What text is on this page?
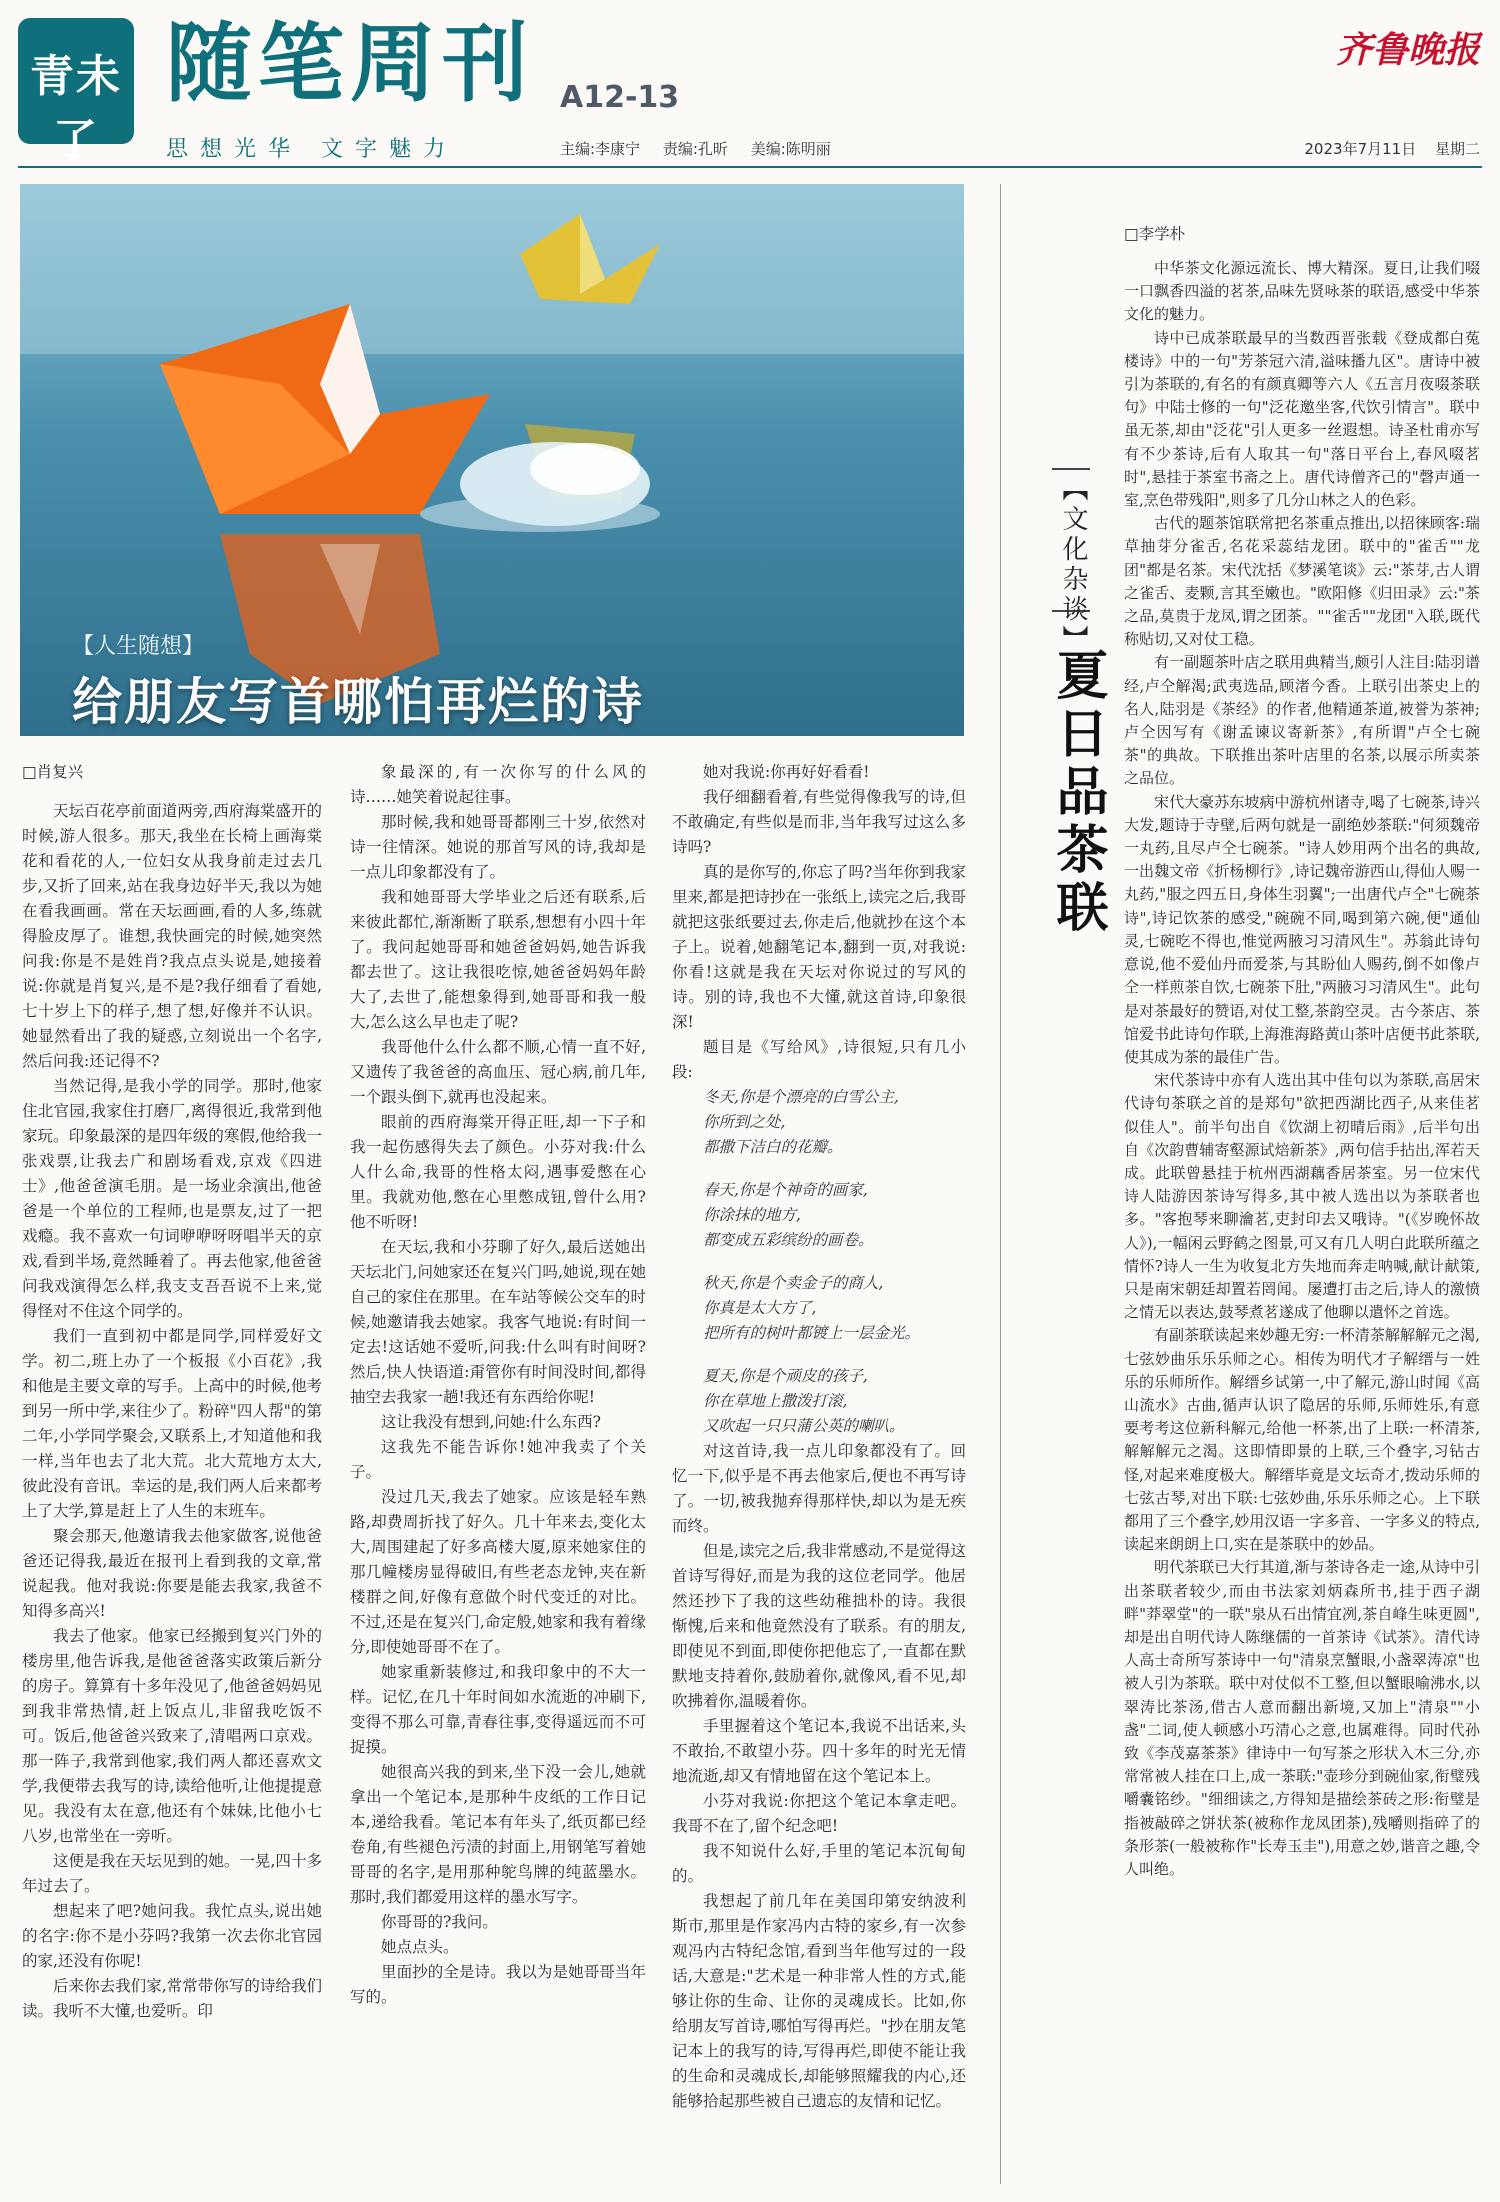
青未了
随笔周刊 A12-13
思想光华 文字魅力	主编:李康宁 责编:孔昕 美编:陈明丽
齐鲁晚报
2023年7月11日 星期二
【人生随想】
给朋友写首哪怕再烂的诗

□肖复兴

天坛百花亭前面道两旁,西府海棠盛开的时候,游人很多。那天,我坐在长椅上画海棠花和看花的人,一位妇女从我身前走过去几步,又折了回来,站在我身边好半天,我以为她在看我画画。常在天坛画画,看的人多,练就得脸皮厚了。谁想,我快画完的时候,她突然问我:你是不是姓肖?我点点头说是,她接着说:你就是肖复兴,是不是?我仔细看了看她,七十岁上下的样子,想了想,好像并不认识。她显然看出了我的疑惑,立刻说出一个名字,然后问我:还记得不?

当然记得,是我小学的同学。那时,他家住北官园,我家住打磨厂,离得很近,我常到他家玩。印象最深的是四年级的寒假,他给我一张戏票,让我去广和剧场看戏,京戏《四进士》,他爸爸演毛朋。是一场业余演出,他爸爸是一个单位的工程师,也是票友,过了一把戏瘾。我不喜欢一句词咿咿呀呀唱半天的京戏,看到半场,竟然睡着了。再去他家,他爸爸问我戏演得怎么样,我支支吾吾说不上来,觉得怪对不住这个同学的。

我们一直到初中都是同学,同样爱好文学。初二,班上办了一个板报《小百花》,我和他是主要文章的写手。上高中的时候,他考到另一所中学,来往少了。粉碎"四人帮"的第二年,小学同学聚会,又联系上,才知道他和我一样,当年也去了北大荒。北大荒地方太大,彼此没有音讯。幸运的是,我们两人后来都考上了大学,算是赶上了人生的末班车。

聚会那天,他邀请我去他家做客,说他爸爸还记得我,最近在报刊上看到我的文章,常说起我。他对我说:你要是能去我家,我爸不知得多高兴!

我去了他家。他家已经搬到复兴门外的楼房里,他告诉我,是他爸爸落实政策后新分的房子。算算有十多年没见了,他爸爸妈妈见到我非常热情,赶上饭点儿,非留我吃饭不可。饭后,他爸爸兴致来了,清唱两口京戏。那一阵子,我常到他家,我们两人都还喜欢文学,我便带去我写的诗,读给他听,让他提提意见。我没有太在意,他还有个妹妹,比他小七八岁,也常坐在一旁听。

这便是我在天坛见到的她。一晃,四十多年过去了。

想起来了吧?她问我。我忙点头,说出她的名字:你不是小芬吗?我第一次去你北官园的家,还没有你呢!

后来你去我们家,常常带你写的诗给我们读。我听不大懂,也爱听。印

象最深的,有一次你写的什么风的诗……她笑着说起往事。

那时候,我和她哥哥都刚三十岁,依然对诗一往情深。她说的那首写风的诗,我却是一点儿印象都没有了。

我和她哥哥大学毕业之后还有联系,后来彼此都忙,渐渐断了联系,想想有小四十年了。我问起她哥哥和她爸爸妈妈,她告诉我都去世了。这让我很吃惊,她爸爸妈妈年龄大了,去世了,能想象得到,她哥哥和我一般大,怎么这么早也走了呢?

我哥他什么什么都不顺,心情一直不好,又遗传了我爸爸的高血压、冠心病,前几年,一个跟头倒下,就再也没起来。

眼前的西府海棠开得正旺,却一下子和我一起伤感得失去了颜色。小芬对我:什么人什么命,我哥的性格太闷,遇事爱憋在心里。我就劝他,憋在心里憋成钮,曾什么用?他不听呀!

在天坛,我和小芬聊了好久,最后送她出天坛北门,问她家还在复兴门吗,她说,现在她自己的家住在那里。在车站等候公交车的时候,她邀请我去她家。我客气地说:有时间一定去!这话她不爱听,问我:什么叫有时间呀?然后,快人快语道:甭管你有时间没时间,都得抽空去我家一趟!我还有东西给你呢!

这让我没有想到,问她:什么东西?

这我先不能告诉你!她冲我卖了个关子。

没过几天,我去了她家。应该是轻车熟路,却费周折找了好久。几十年来去,变化太大,周围建起了好多高楼大厦,原来她家住的那几幢楼房显得破旧,有些老态龙钟,夹在新楼群之间,好像有意做个时代变迁的对比。不过,还是在复兴门,命定般,她家和我有着缘分,即使她哥哥不在了。

她家重新装修过,和我印象中的不大一样。记忆,在几十年时间如水流逝的冲刷下,变得不那么可靠,青春往事,变得遥远而不可捉摸。

她很高兴我的到来,坐下没一会儿,她就拿出一个笔记本,是那种牛皮纸的工作日记本,递给我看。笔记本有年头了,纸页都已经卷角,有些褪色污渍的封面上,用钢笔写着她哥哥的名字,是用那种鸵鸟牌的纯蓝墨水。那时,我们都爱用这样的墨水写字。

你哥哥的?我问。

她点点头。

里面抄的全是诗。我以为是她哥哥当年写的。

她对我说:你再好好看看!

我仔细翻看着,有些觉得像我写的诗,但不敢确定,有些似是而非,当年我写过这么多诗吗?

真的是你写的,你忘了吗?当年你到我家里来,都是把诗抄在一张纸上,读完之后,我哥就把这张纸要过去,你走后,他就抄在这个本子上。说着,她翻笔记本,翻到一页,对我说:你看!这就是我在天坛对你说过的写风的诗。别的诗,我也不大懂,就这首诗,印象很深!

题目是《写给风》,诗很短,只有几小段:

冬天,你是个漂亮的白雪公主,

你所到之处,

都撒下洁白的花瓣。

春天,你是个神奇的画家,

你涂抹的地方,

都变成五彩缤纷的画卷。

秋天,你是个卖金子的商人,

你真是太大方了,

把所有的树叶都镀上一层金光。

夏天,你是个顽皮的孩子,

你在草地上撒泼打滚,

又吹起一只只蒲公英的喇叭。

对这首诗,我一点儿印象都没有了。回忆一下,似乎是不再去他家后,便也不再写诗了。一切,被我抛弃得那样快,却以为是无疾而终。

但是,读完之后,我非常感动,不是觉得这首诗写得好,而是为我的这位老同学。他居然还抄下了我的这些幼稚拙朴的诗。我很惭愧,后来和他竟然没有了联系。有的朋友,即使见不到面,即使你把他忘了,一直都在默默地支持着你,鼓励着你,就像风,看不见,却吹拂着你,温暖着你。

手里握着这个笔记本,我说不出话来,头不敢抬,不敢望小芬。四十多年的时光无情地流逝,却又有情地留在这个笔记本上。

小芬对我说:你把这个笔记本拿走吧。我哥不在了,留个纪念吧!

我不知说什么好,手里的笔记本沉甸甸的。

我想起了前几年在美国印第安纳波利斯市,那里是作家冯内古特的家乡,有一次参观冯内古特纪念馆,看到当年他写过的一段话,大意是:"艺术是一种非常人性的方式,能够让你的生命、让你的灵魂成长。比如,你给朋友写首诗,哪怕写得再烂。"抄在朋友笔记本上的我写的诗,写得再烂,即使不能让我的生命和灵魂成长,却能够照耀我的内心,还能够拾起那些被自己遗忘的友情和记忆。

【文化杂谈】
夏日品茶联

□李学朴

中华茶文化源远流长、博大精深。夏日,让我们啜一口飘香四溢的茗茶,品味先贤咏茶的联语,感受中华茶文化的魅力。

诗中已成茶联最早的当数西晋张载《登成都白菟楼诗》中的一句"芳茶冠六清,溢味播九区"。唐诗中被引为茶联的,有名的有颜真卿等六人《五言月夜啜茶联句》中陆士修的一句"泛花邀坐客,代饮引情言"。联中虽无茶,却由"泛花"引人更多一丝遐想。诗圣杜甫亦写有不少茶诗,后有人取其一句"落日平台上,春风啜茗时",悬挂于茶室书斋之上。唐代诗僧齐己的"磬声通一室,烹色带残阳",则多了几分山林之人的色彩。

古代的题茶馆联常把名茶重点推出,以招徕顾客:瑞草抽芽分雀舌,名花采蕊结龙团。联中的"雀舌""龙团"都是名茶。宋代沈括《梦溪笔谈》云:"茶芽,古人谓之雀舌、麦颗,言其至嫩也。"欧阳修《归田录》云:"茶之品,莫贵于龙凤,谓之团茶。""雀舌""龙团"入联,既代称贴切,又对仗工稳。

有一副题茶叶店之联用典精当,颇引人注目:陆羽谱经,卢仝解渴;武夷选品,顾渚今香。上联引出茶史上的名人,陆羽是《茶经》的作者,他精通茶道,被誉为茶神;卢仝因写有《谢孟谏议寄新茶》,有所谓"卢仝七碗茶"的典故。下联推出茶叶店里的名茶,以展示所卖茶之品位。

宋代大豪苏东坡病中游杭州诸寺,喝了七碗茶,诗兴大发,题诗于寺壁,后两句就是一副绝妙茶联:"何须魏帝一丸药,且尽卢仝七碗茶。"诗人妙用两个出名的典故,一出魏文帝《折杨柳行》,诗记魏帝游西山,得仙人赐一丸药,"服之四五日,身体生羽翼";一出唐代卢仝"七碗茶诗",诗记饮茶的感受,"碗碗不同,喝到第六碗,便"通仙灵,七碗吃不得也,惟觉两腋习习清风生"。苏翁此诗句意说,他不爱仙丹而爱茶,与其盼仙人赐药,倒不如像卢仝一样煎茶自饮,七碗茶下肚,"两腋习习清风生"。此句是对茶最好的赞语,对仗工整,茶韵空灵。古今茶店、茶馆爱书此诗句作联,上海淮海路黄山茶叶店便书此茶联,使其成为茶的最佳广告。

宋代茶诗中亦有人选出其中佳句以为茶联,高居宋代诗句茶联之首的是郑句"欲把西湖比西子,从来佳茗似佳人"。前半句出自《饮湖上初晴后雨》,后半句出自《次韵曹辅寄壑源试焙新茶》,两句信手拈出,浑若天成。此联曾悬挂于杭州西湖藕香居茶室。另一位宋代诗人陆游因茶诗写得多,其中被人选出以为茶联者也多。"客抱琴来聊瀹茗,吏封印去又哦诗。"(《岁晚怀故人》),一幅闲云野鹤之图景,可又有几人明白此联所蕴之情怀?诗人一生为收复北方失地而奔走呐喊,献计献策,只是南宋朝廷却置若罔闻。屡遭打击之后,诗人的激愤之情无以表达,鼓琴煮茗遂成了他聊以遣怀之首选。

有副茶联读起来妙趣无穷:一杯清茶解解解元之渴,七弦妙曲乐乐乐师之心。相传为明代才子解缙与一姓乐的乐师所作。解缙乡试第一,中了解元,游山时闻《高山流水》古曲,循声认识了隐居的乐师,乐师姓乐,有意要考考这位新科解元,给他一杯茶,出了上联:一杯清茶,解解解元之渴。这即情即景的上联,三个叠字,习钻古怪,对起来难度极大。解缙毕竟是文坛奇才,拨动乐师的七弦古琴,对出下联:七弦妙曲,乐乐乐师之心。上下联都用了三个叠字,妙用汉语一字多音、一字多义的特点,读起来朗朗上口,实在是茶联中的妙品。

明代茶联已大行其道,渐与茶诗各走一途,从诗中引出茶联者较少,而由书法家刘炳森所书,挂于西子湖畔"莽翠堂"的一联"泉从石出情宜冽,茶自峰生味更圆",却是出自明代诗人陈继儒的一首茶诗《试茶》。清代诗人高士奇所写茶诗中一句"清泉烹蟹眼,小盏翠涛凉"也被人引为茶联。联中对仗似不工整,但以蟹眼喻沸水,以翠涛比茶汤,借古人意而翻出新境,又加上"清泉""小盏"二词,使人顿感小巧清心之意,也属难得。同时代孙致《李茂嘉茶茶》律诗中一句写茶之形状入木三分,亦常常被人挂在口上,成一茶联:"壶珍分到碗仙家,衔璧残嚼嚢铭纱。"细细读之,方得知是描绘茶砖之形:衔璧是指被敲碎之饼状茶(被称作龙凤团茶),残嚼则指碎了的条形茶(一般被称作"长寿玉圭"),用意之妙,谐音之趣,令人叫绝。
